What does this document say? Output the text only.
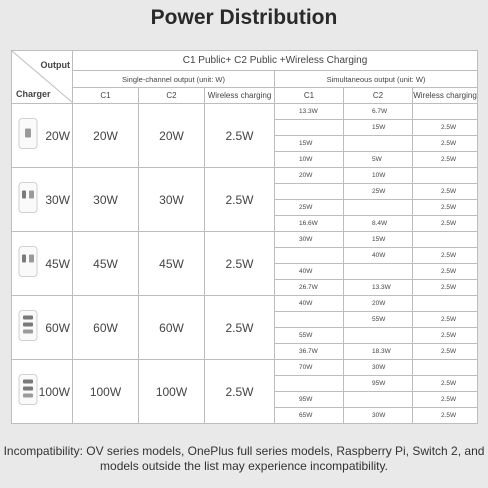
Power Distribution
Output
Charger	C1 Public+ C2 Public +Wireless Charging					
	Single-channel output (unit: W)			Simultaneous output (unit: W)		
	C1	C2	Wireless charging	C1	C2	Wireless charging

20W	20W	20W	2.5W	13.3W	6.7W	
					15W	2.5W
				15W		2.5W
				10W	5W	2.5W

30W	30W	30W	2.5W	20W	10W	
					25W	2.5W
				25W		2.5W
				16.6W	8.4W	2.5W

45W	45W	45W	2.5W	30W	15W	
					40W	2.5W
				40W		2.5W
				26.7W	13.3W	2.5W

60W	60W	60W	2.5W	40W	20W	
					55W	2.5W
				55W		2.5W
				36.7W	18.3W	2.5W

100W	100W	100W	2.5W	70W	30W	
					95W	2.5W
				95W		2.5W
				65W	30W	2.5W
Incompatibility: OV series models, OnePlus full series models, Raspberry Pi, Switch 2, and models outside the list may experience incompatibility.
